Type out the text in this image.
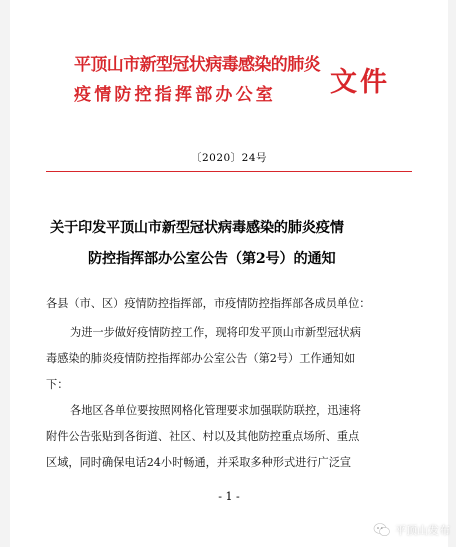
平顶山市新型冠状病毒感染的肺炎
疫情防控指挥部办公室	文件
〔2020〕24号
关于印发平顶山市新型冠状病毒感染的肺炎疫情
防控指挥部办公室公告（第2号）的通知
各县（市、区）疫情防控指挥部，市疫情防控指挥部各成员单位：
为进一步做好疫情防控工作，现将印发平顶山市新型冠状病
毒感染的肺炎疫情防控指挥部办公室公告（第2号）工作通知如
下：
各地区各单位要按照网格化管理要求加强联防联控，迅速将
附件公告张贴到各街道、社区、村以及其他防控重点场所、重点
区域，同时确保电话24小时畅通，并采取多种形式进行广泛宣
- 1 -
平顶山发布
